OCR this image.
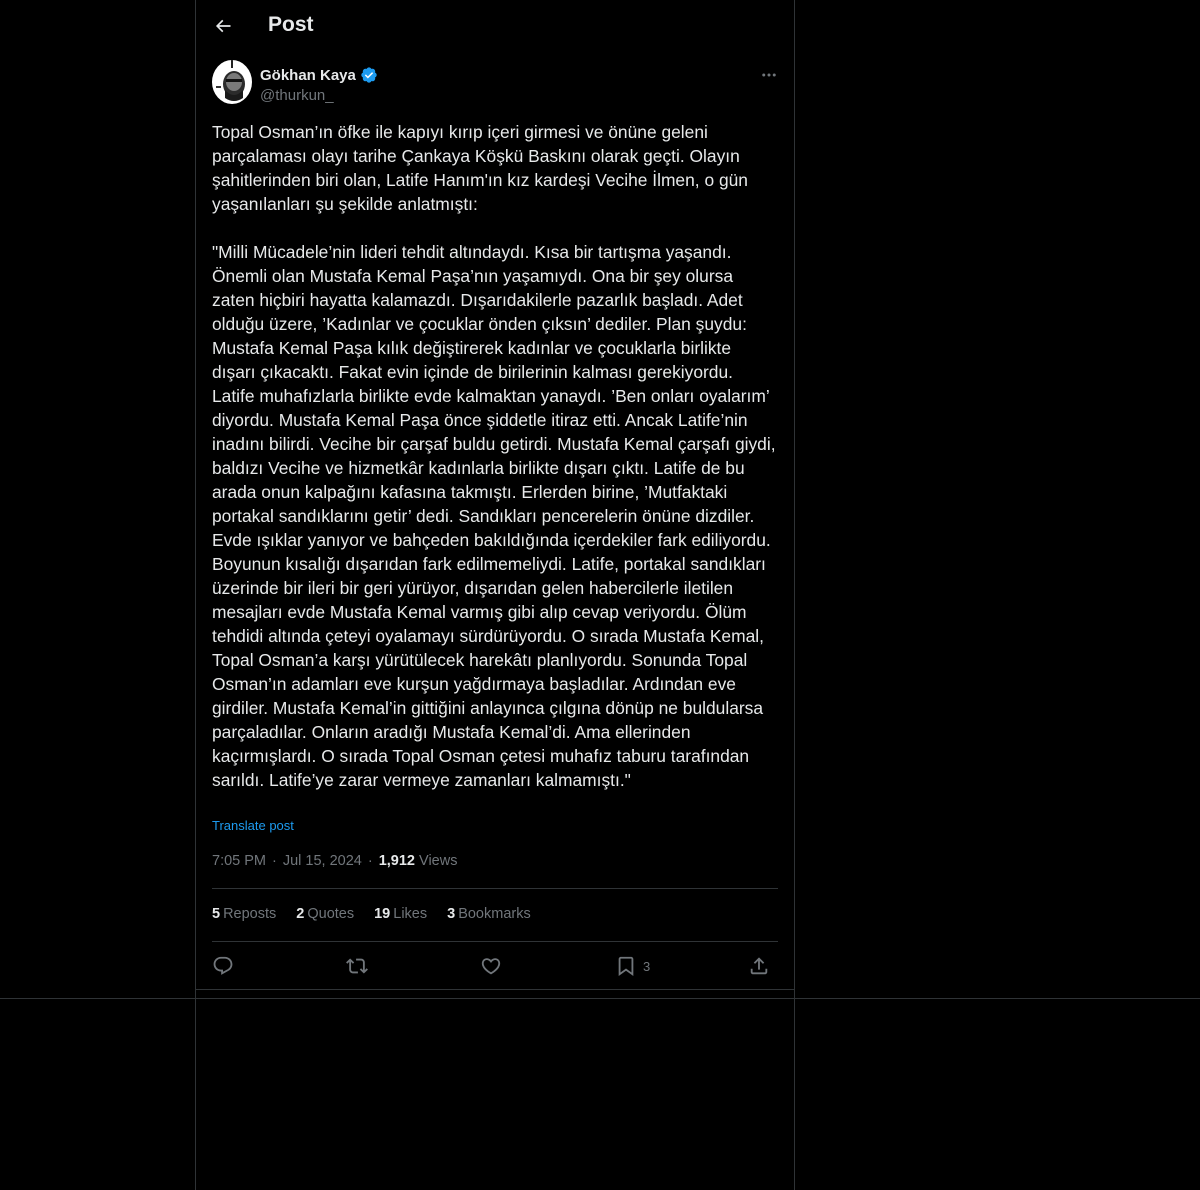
Post
Gökhan Kaya
@thurkun_
Topal Osman’ın öfke ile kapıyı kırıp içeri girmesi ve önüne geleni parçalaması olayı tarihe Çankaya Köşkü Baskını olarak geçti. Olayın şahitlerinden biri olan, Latife Hanım'ın kız kardeşi Vecihe İlmen, o gün yaşanılanları şu şekilde anlatmıştı:

"Milli Mücadele’nin lideri tehdit altındaydı. Kısa bir tartışma yaşandı. Önemli olan Mustafa Kemal Paşa’nın yaşamıydı. Ona bir şey olursa zaten hiçbiri hayatta kalamazdı. Dışarıdakilerle pazarlık başladı. Adet olduğu üzere, ’Kadınlar ve çocuklar önden çıksın’ dediler. Plan şuydu: Mustafa Kemal Paşa kılık değiştirerek kadınlar ve çocuklarla birlikte dışarı çıkacaktı. Fakat evin içinde de birilerinin kalması gerekiyordu. Latife muhafızlarla birlikte evde kalmaktan yanaydı. ’Ben onları oyalarım’ diyordu. Mustafa Kemal Paşa önce şiddetle itiraz etti. Ancak Latife’nin inadını bilirdi. Vecihe bir çarşaf buldu getirdi. Mustafa Kemal çarşafı giydi, baldızı Vecihe ve hizmetkâr kadınlarla birlikte dışarı çıktı. Latife de bu arada onun kalpağını kafasına takmıştı. Erlerden birine, ’Mutfaktaki portakal sandıklarını getir’ dedi. Sandıkları pencerelerin önüne dizdiler. Evde ışıklar yanıyor ve bahçeden bakıldığında içerdekiler fark ediliyordu. Boyunun kısalığı dışarıdan fark edilmemeliydi. Latife, portakal sandıkları üzerinde bir ileri bir geri yürüyor, dışarıdan gelen habercilerle iletilen mesajları evde Mustafa Kemal varmış gibi alıp cevap veriyordu. Ölüm tehdidi altında çeteyi oyalamayı sürdürüyordu. O sırada Mustafa Kemal, Topal Osman’a karşı yürütülecek harekâtı planlıyordu. Sonunda Topal Osman’ın adamları eve kurşun yağdırmaya başladılar. Ardından eve girdiler. Mustafa Kemal’in gittiğini anlayınca çılgına dönüp ne buldularsa parçaladılar. Onların aradığı Mustafa Kemal’di. Ama ellerinden kaçırmışlardı. O sırada Topal Osman çetesi muhafız taburu tarafından sarıldı. Latife’ye zarar vermeye zamanları kalmamıştı."
Translate post
7:05 PM · Jul 15, 2024 · 1,912 Views
5 Reposts 2 Quotes 19 Likes 3 Bookmarks
3
